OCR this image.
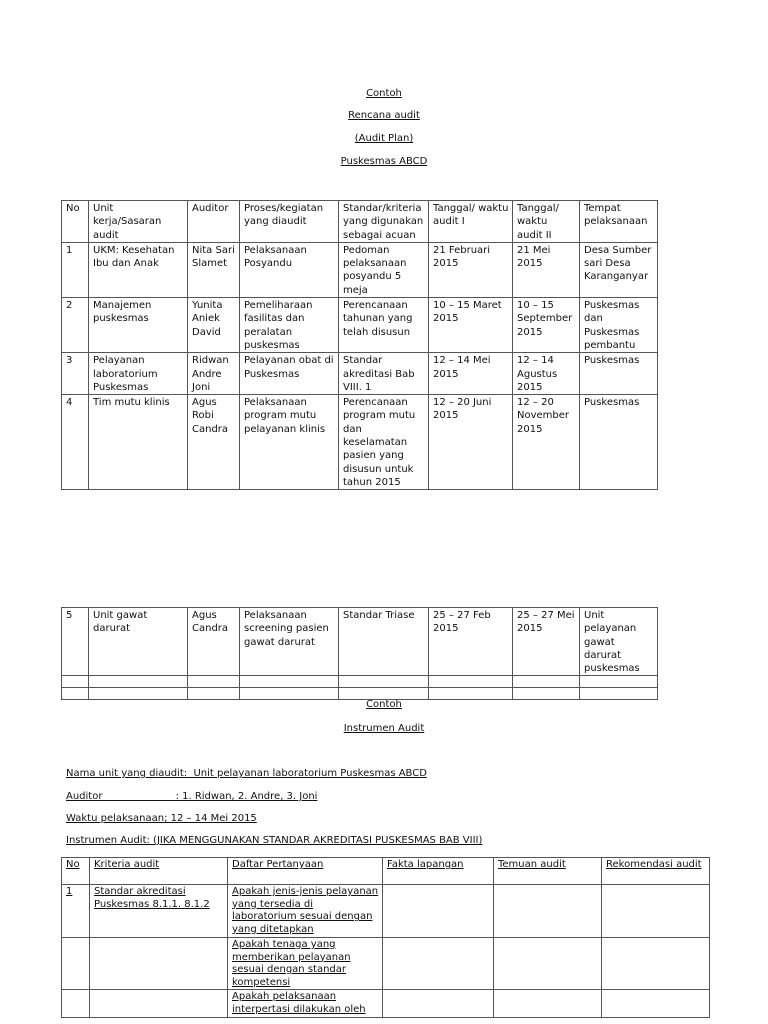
Contoh
Rencana audit
(Audit Plan)
Puskesmas ABCD
No	Unit kerja/Sasaran audit	Auditor	Proses/kegiatan yang diaudit	Standar/kriteria yang digunakan sebagai acuan	Tanggal/ waktu audit I	Tanggal/ waktu audit II	Tempat pelaksanaan
1	UKM: Kesehatan Ibu dan Anak	Nita Sari Slamet	Pelaksanaan Posyandu	Pedoman pelaksanaan posyandu 5 meja	21 Februari 2015	21 Mei 2015	Desa Sumber sari Desa Karanganyar
2	Manajemen puskesmas	Yunita Aniek David	Pemeliharaan fasilitas dan peralatan puskesmas	Perencanaan tahunan yang telah disusun	10 – 15 Maret 2015	10 – 15 September 2015	Puskesmas dan Puskesmas pembantu
3	Pelayanan laboratorium Puskesmas	Ridwan Andre Joni	Pelayanan obat di Puskesmas	Standar akreditasi Bab VIII. 1	12 – 14 Mei 2015	12 – 14 Agustus 2015	Puskesmas
4	Tim mutu klinis	Agus Robi Candra	Pelaksanaan program mutu pelayanan klinis	Perencanaan program mutu dan keselamatan pasien yang disusun untuk tahun 2015	12 – 20 Juni 2015	12 – 20 November 2015	Puskesmas
5	Unit gawat darurat	Agus Candra	Pelaksanaan screening pasien gawat darurat	Standar Triase	25 – 27 Feb 2015	25 – 27 Mei 2015	Unit pelayanan gawat darurat puskesmas

Contoh
Instrumen Audit
Nama unit yang diaudit:  Unit pelayanan laboratorium Puskesmas ABCD
Auditor                       : 1. Ridwan, 2. Andre, 3. Joni
Waktu pelaksanaan; 12 – 14 Mei 2015
Instrumen Audit: (JIKA MENGGUNAKAN STANDAR AKREDITASI PUSKESMAS BAB VIII)
No	Kriteria audit	Daftar Pertanyaan	Fakta lapangan	Temuan audit	Rekomendasi audit
1	Standar akreditasi Puskesmas 8.1.1. 8.1.2	Apakah jenis-jenis pelayanan yang tersedia di laboratorium sesuai dengan yang ditetapkan			
		Apakah tenaga yang memberikan pelayanan sesuai dengan standar kompetensi			
		Apakah pelaksanaan interpertasi dilakukan oleh			
